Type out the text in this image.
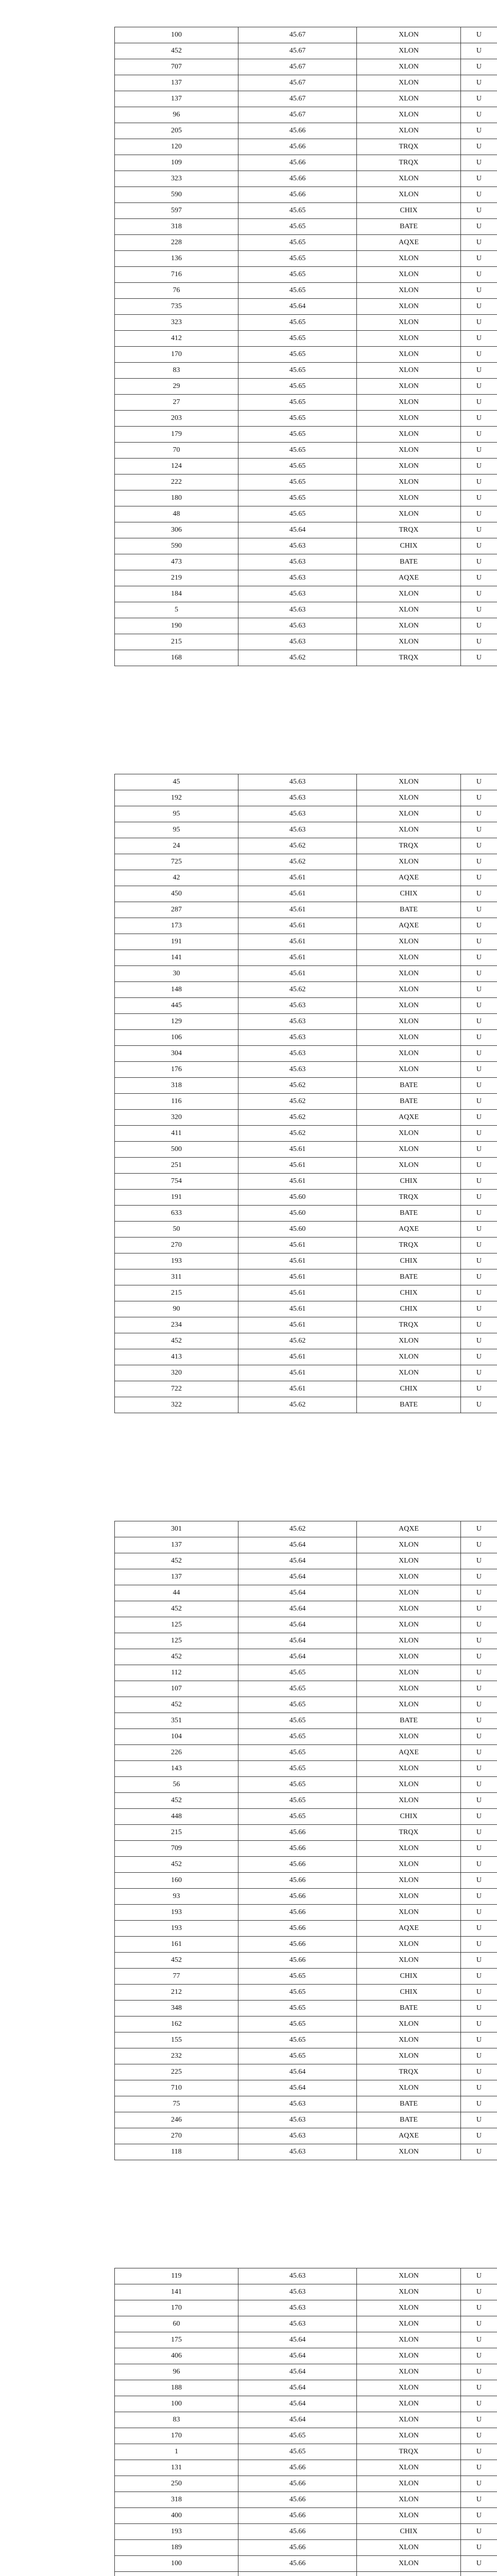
100	45.67	XLON	U
452	45.67	XLON	U
707	45.67	XLON	U
137	45.67	XLON	U
137	45.67	XLON	U
96	45.67	XLON	U
205	45.66	XLON	U
120	45.66	TRQX	U
109	45.66	TRQX	U
323	45.66	XLON	U
590	45.66	XLON	U
597	45.65	CHIX	U
318	45.65	BATE	U
228	45.65	AQXE	U
136	45.65	XLON	U
716	45.65	XLON	U
76	45.65	XLON	U
735	45.64	XLON	U
323	45.65	XLON	U
412	45.65	XLON	U
170	45.65	XLON	U
83	45.65	XLON	U
29	45.65	XLON	U
27	45.65	XLON	U
203	45.65	XLON	U
179	45.65	XLON	U
70	45.65	XLON	U
124	45.65	XLON	U
222	45.65	XLON	U
180	45.65	XLON	U
48	45.65	XLON	U
306	45.64	TRQX	U
590	45.63	CHIX	U
473	45.63	BATE	U
219	45.63	AQXE	U
184	45.63	XLON	U
5	45.63	XLON	U
190	45.63	XLON	U
215	45.63	XLON	U
168	45.62	TRQX	U
45	45.63	XLON	U
192	45.63	XLON	U
95	45.63	XLON	U
95	45.63	XLON	U
24	45.62	TRQX	U
725	45.62	XLON	U
42	45.61	AQXE	U
450	45.61	CHIX	U
287	45.61	BATE	U
173	45.61	AQXE	U
191	45.61	XLON	U
141	45.61	XLON	U
30	45.61	XLON	U
148	45.62	XLON	U
445	45.63	XLON	U
129	45.63	XLON	U
106	45.63	XLON	U
304	45.63	XLON	U
176	45.63	XLON	U
318	45.62	BATE	U
116	45.62	BATE	U
320	45.62	AQXE	U
411	45.62	XLON	U
500	45.61	XLON	U
251	45.61	XLON	U
754	45.61	CHIX	U
191	45.60	TRQX	U
633	45.60	BATE	U
50	45.60	AQXE	U
270	45.61	TRQX	U
193	45.61	CHIX	U
311	45.61	BATE	U
215	45.61	CHIX	U
90	45.61	CHIX	U
234	45.61	TRQX	U
452	45.62	XLON	U
413	45.61	XLON	U
320	45.61	XLON	U
722	45.61	CHIX	U
322	45.62	BATE	U
301	45.62	AQXE	U
137	45.64	XLON	U
452	45.64	XLON	U
137	45.64	XLON	U
44	45.64	XLON	U
452	45.64	XLON	U
125	45.64	XLON	U
125	45.64	XLON	U
452	45.64	XLON	U
112	45.65	XLON	U
107	45.65	XLON	U
452	45.65	XLON	U
351	45.65	BATE	U
104	45.65	XLON	U
226	45.65	AQXE	U
143	45.65	XLON	U
56	45.65	XLON	U
452	45.65	XLON	U
448	45.65	CHIX	U
215	45.66	TRQX	U
709	45.66	XLON	U
452	45.66	XLON	U
160	45.66	XLON	U
93	45.66	XLON	U
193	45.66	XLON	U
193	45.66	AQXE	U
161	45.66	XLON	U
452	45.66	XLON	U
77	45.65	CHIX	U
212	45.65	CHIX	U
348	45.65	BATE	U
162	45.65	XLON	U
155	45.65	XLON	U
232	45.65	XLON	U
225	45.64	TRQX	U
710	45.64	XLON	U
75	45.63	BATE	U
246	45.63	BATE	U
270	45.63	AQXE	U
118	45.63	XLON	U
119	45.63	XLON	U
141	45.63	XLON	U
170	45.63	XLON	U
60	45.63	XLON	U
175	45.64	XLON	U
406	45.64	XLON	U
96	45.64	XLON	U
188	45.64	XLON	U
100	45.64	XLON	U
83	45.64	XLON	U
170	45.65	XLON	U
1	45.65	TRQX	U
131	45.66	XLON	U
250	45.66	XLON	U
318	45.66	XLON	U
400	45.66	XLON	U
193	45.66	CHIX	U
189	45.66	XLON	U
100	45.66	XLON	U
